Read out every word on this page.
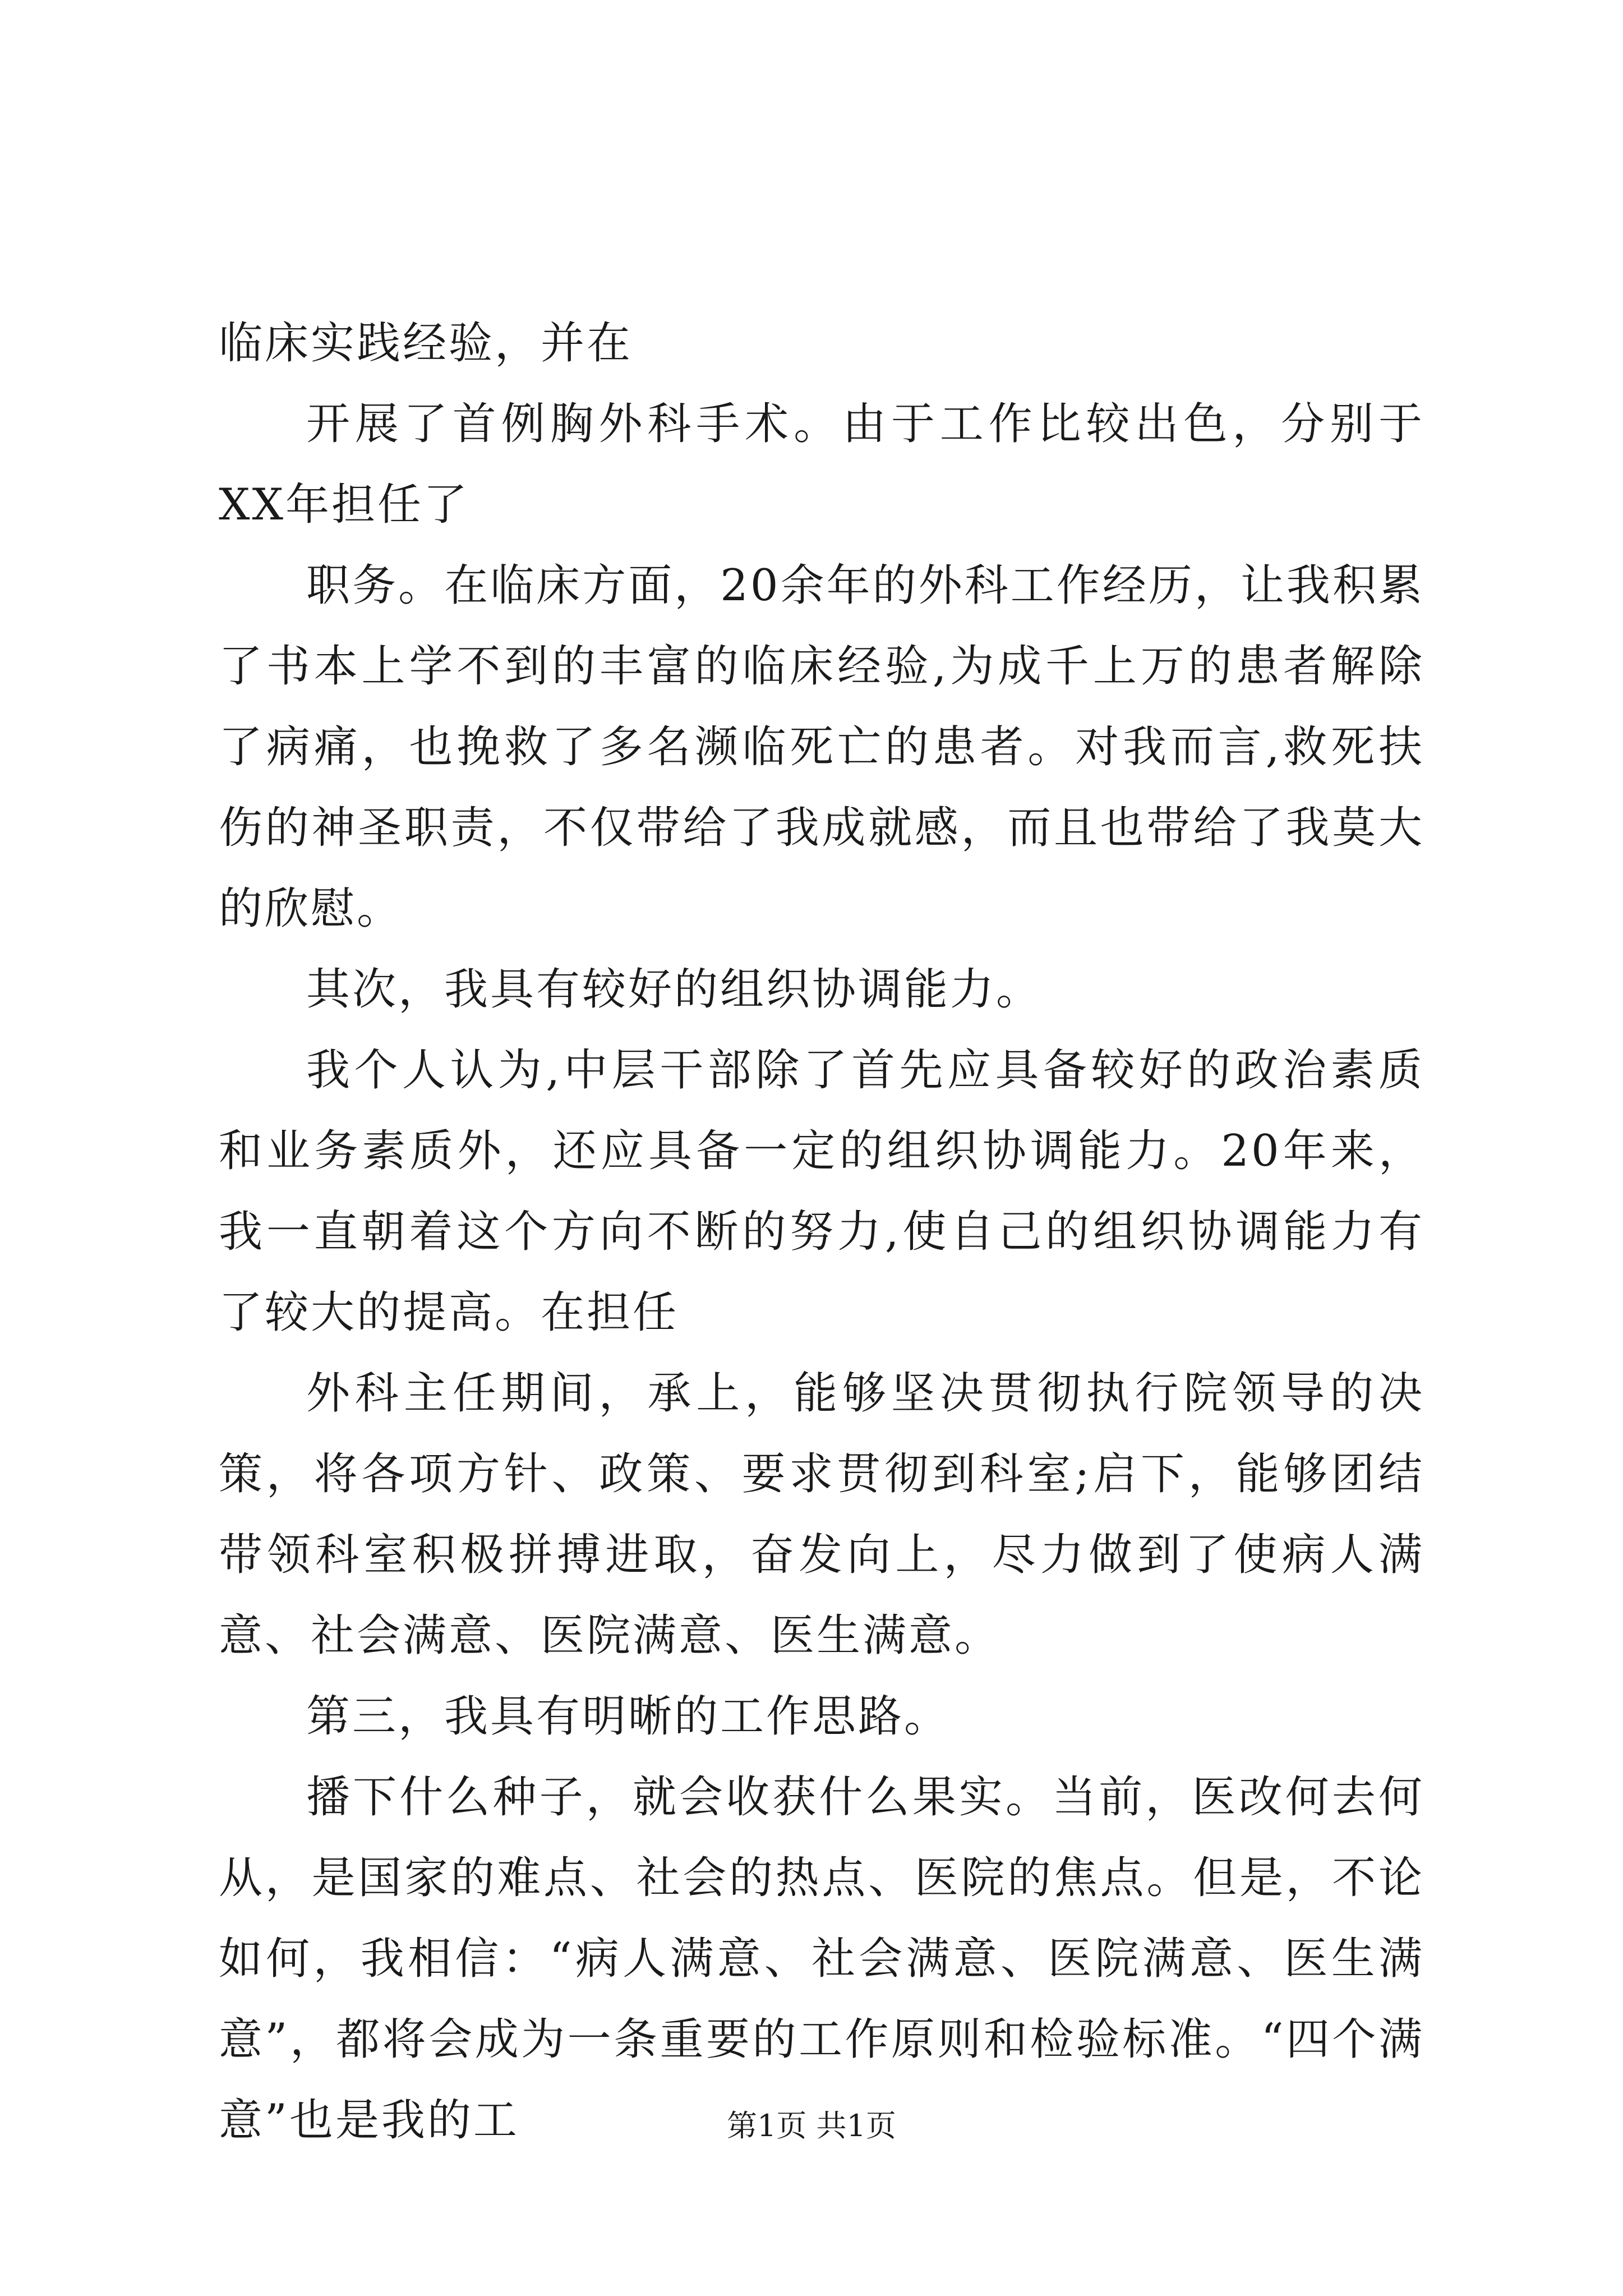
临床实践经验，并在

开展了首例胸外科手术。由于工作比较出色，分别于XX年担任了

职务。在临床方面，20余年的外科工作经历，让我积累了书本上学不到的丰富的临床经验,为成千上万的患者解除了病痛，也挽救了多名濒临死亡的患者。对我而言,救死扶伤的神圣职责，不仅带给了我成就感，而且也带给了我莫大的欣慰。

其次，我具有较好的组织协调能力。

我个人认为,中层干部除了首先应具备较好的政治素质和业务素质外，还应具备一定的组织协调能力。20年来，我一直朝着这个方向不断的努力,使自己的组织协调能力有了较大的提高。在担任

外科主任期间，承上，能够坚决贯彻执行院领导的决策，将各项方针、政策、要求贯彻到科室;启下，能够团结带领科室积极拼搏进取，奋发向上，尽力做到了使病人满意、社会满意、医院满意、医生满意。

第三，我具有明晰的工作思路。

播下什么种子，就会收获什么果实。当前，医改何去何从，是国家的难点、社会的热点、医院的焦点。但是，不论如何，我相信：“病人满意、社会满意、医院满意、医生满意”，都将会成为一条重要的工作原则和检验标准。“四个满意”也是我的工	第1页 共1页
